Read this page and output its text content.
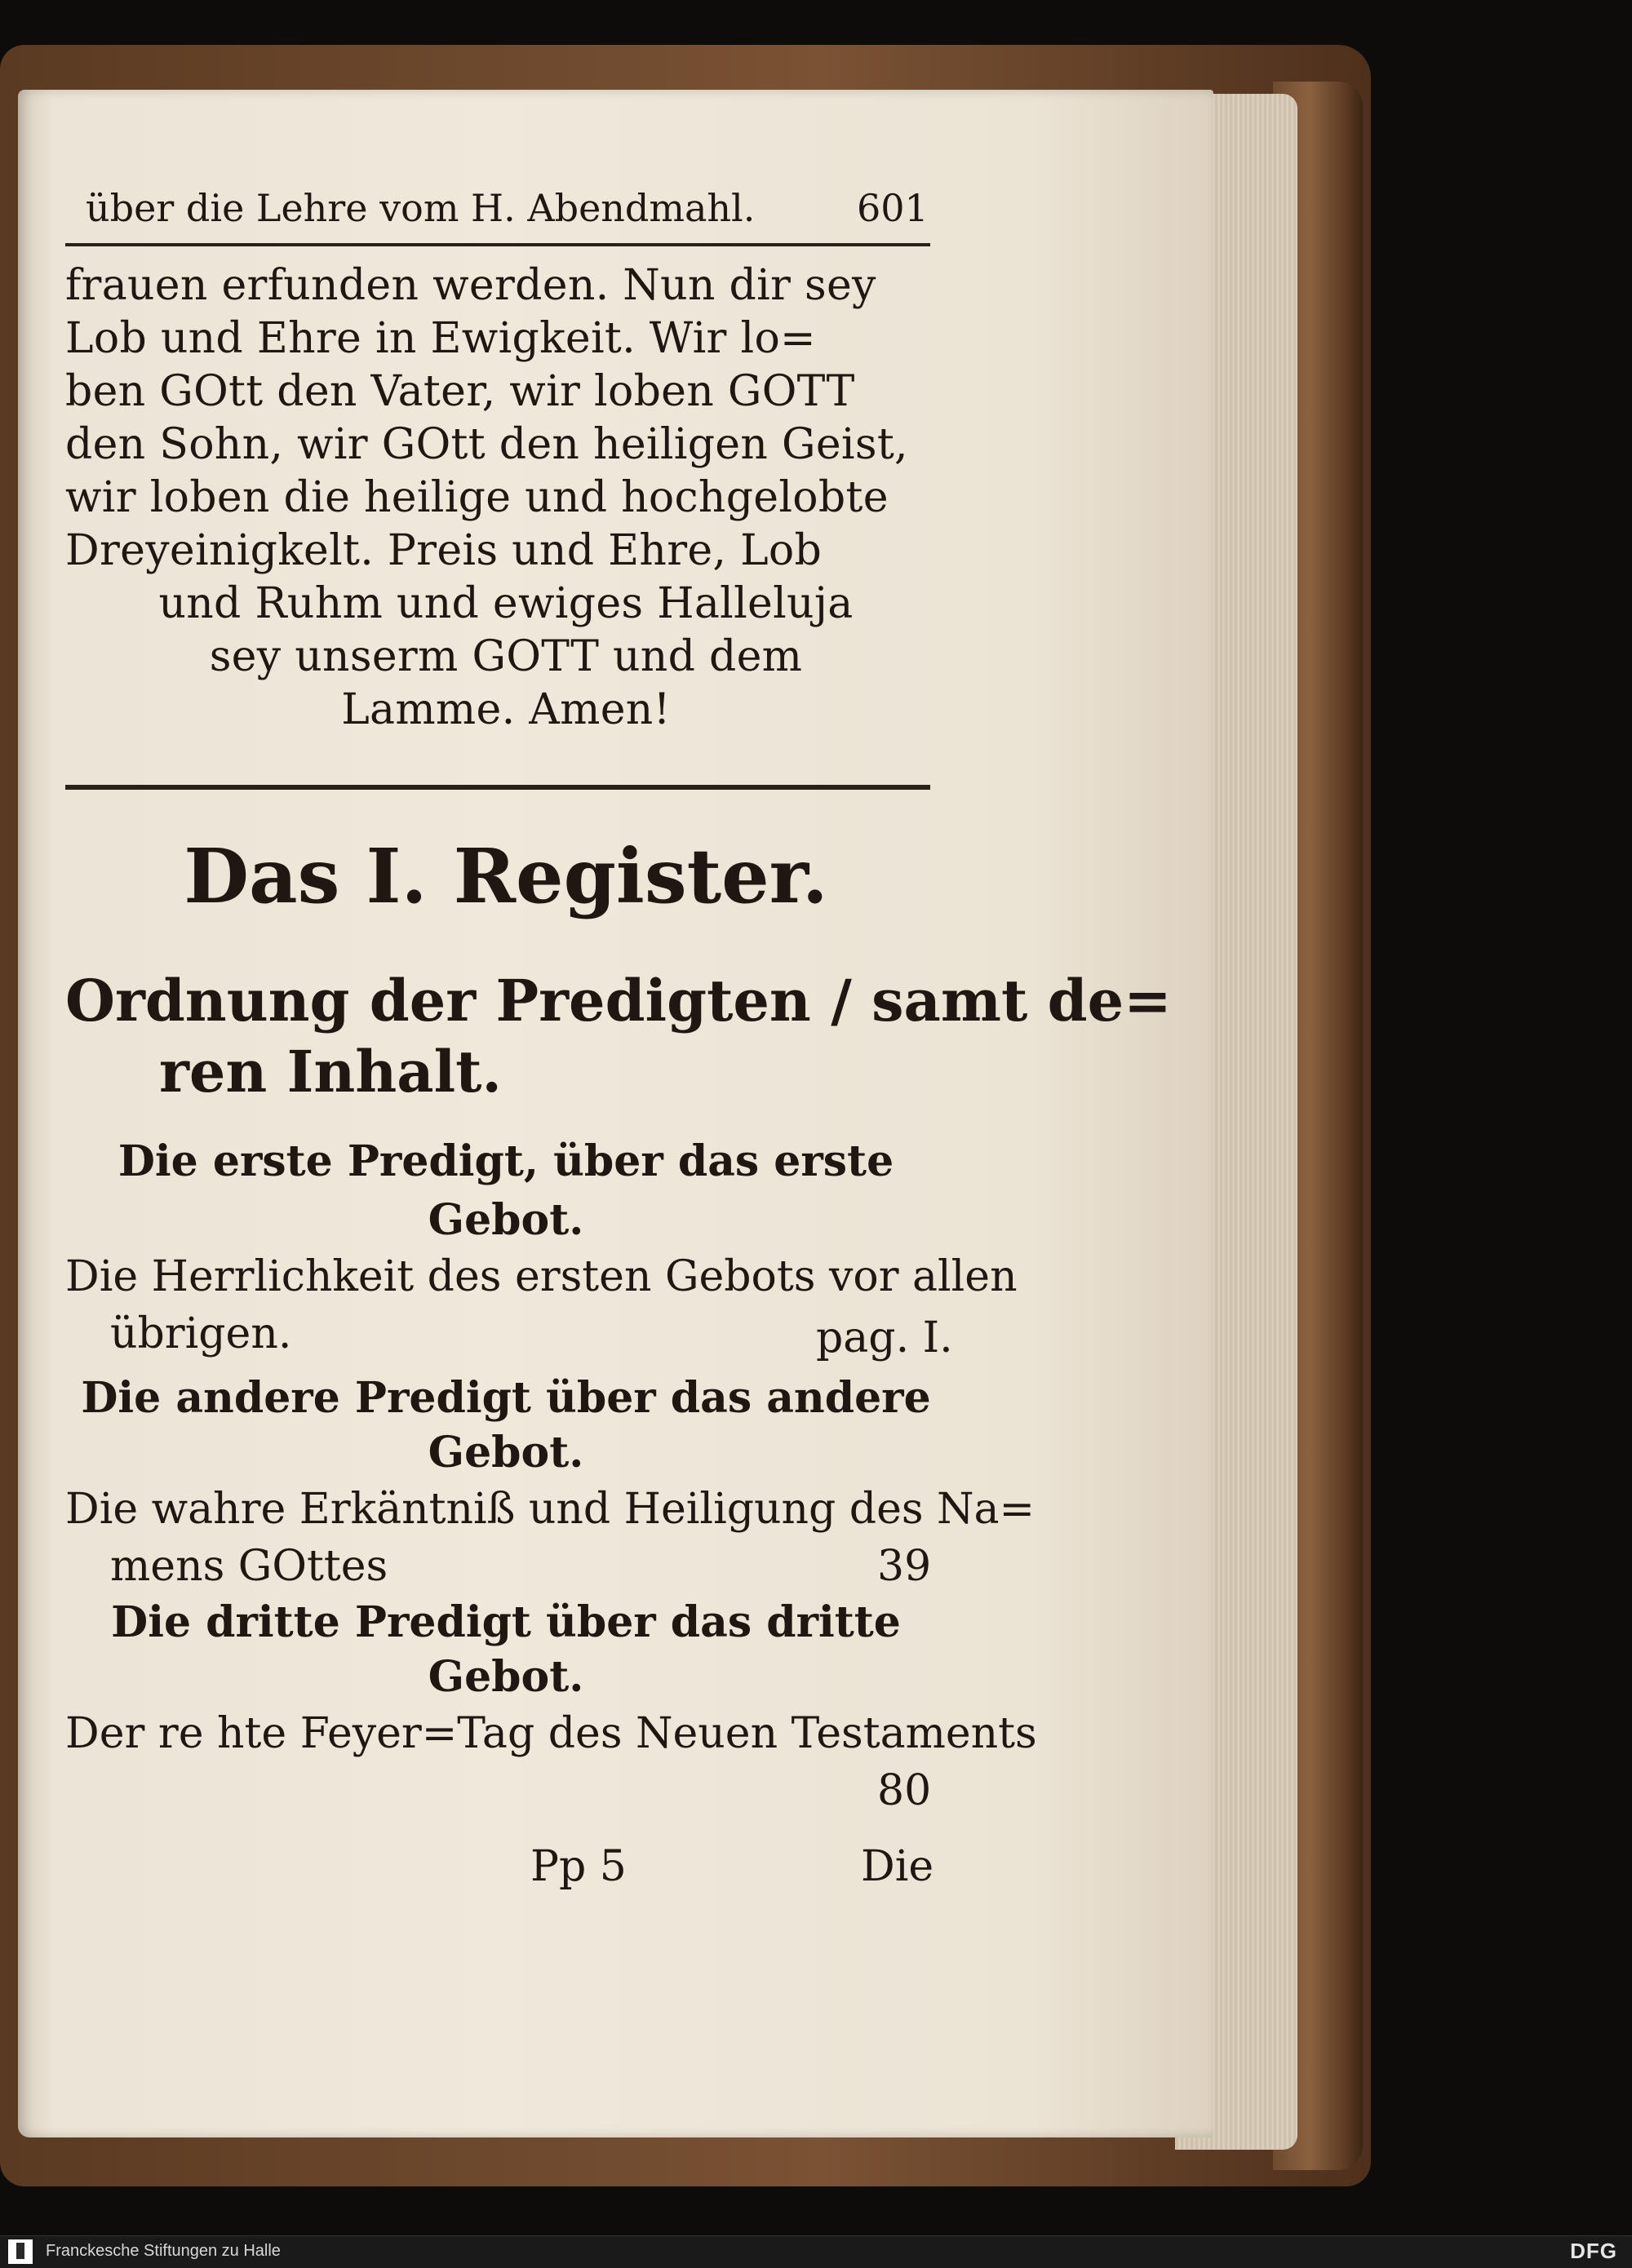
über die Lehre vom H. Abendmahl.	601
frauen erfunden werden. Nun dir sey
Lob und Ehre in Ewigkeit. Wir lo=
ben GOtt den Vater, wir loben GOTT
den Sohn, wir GOtt den heiligen Geist,
wir loben die heilige und hochgelobte
Dreyeinigkelt. Preis und Ehre, Lob
und Ruhm und ewiges Halleluja
sey unserm GOTT und dem
Lamme. Amen!
Das I. Register.
Ordnung der Predigten / samt de=
ren Inhalt.
Die erste Predigt, über das erste
Gebot.
Die Herrlichkeit des ersten Gebots vor allen
übrigen.	pag. I.
Die andere Predigt über das andere
Gebot.
Die wahre Erkäntniß und Heiligung des Na=
mens GOttes	39
Die dritte Predigt über das dritte
Gebot.
Der re hte Feyer=Tag des Neuen Testaments
80
Pp 5	Die
Franckesche Stiftungen zu Halle	DFG
